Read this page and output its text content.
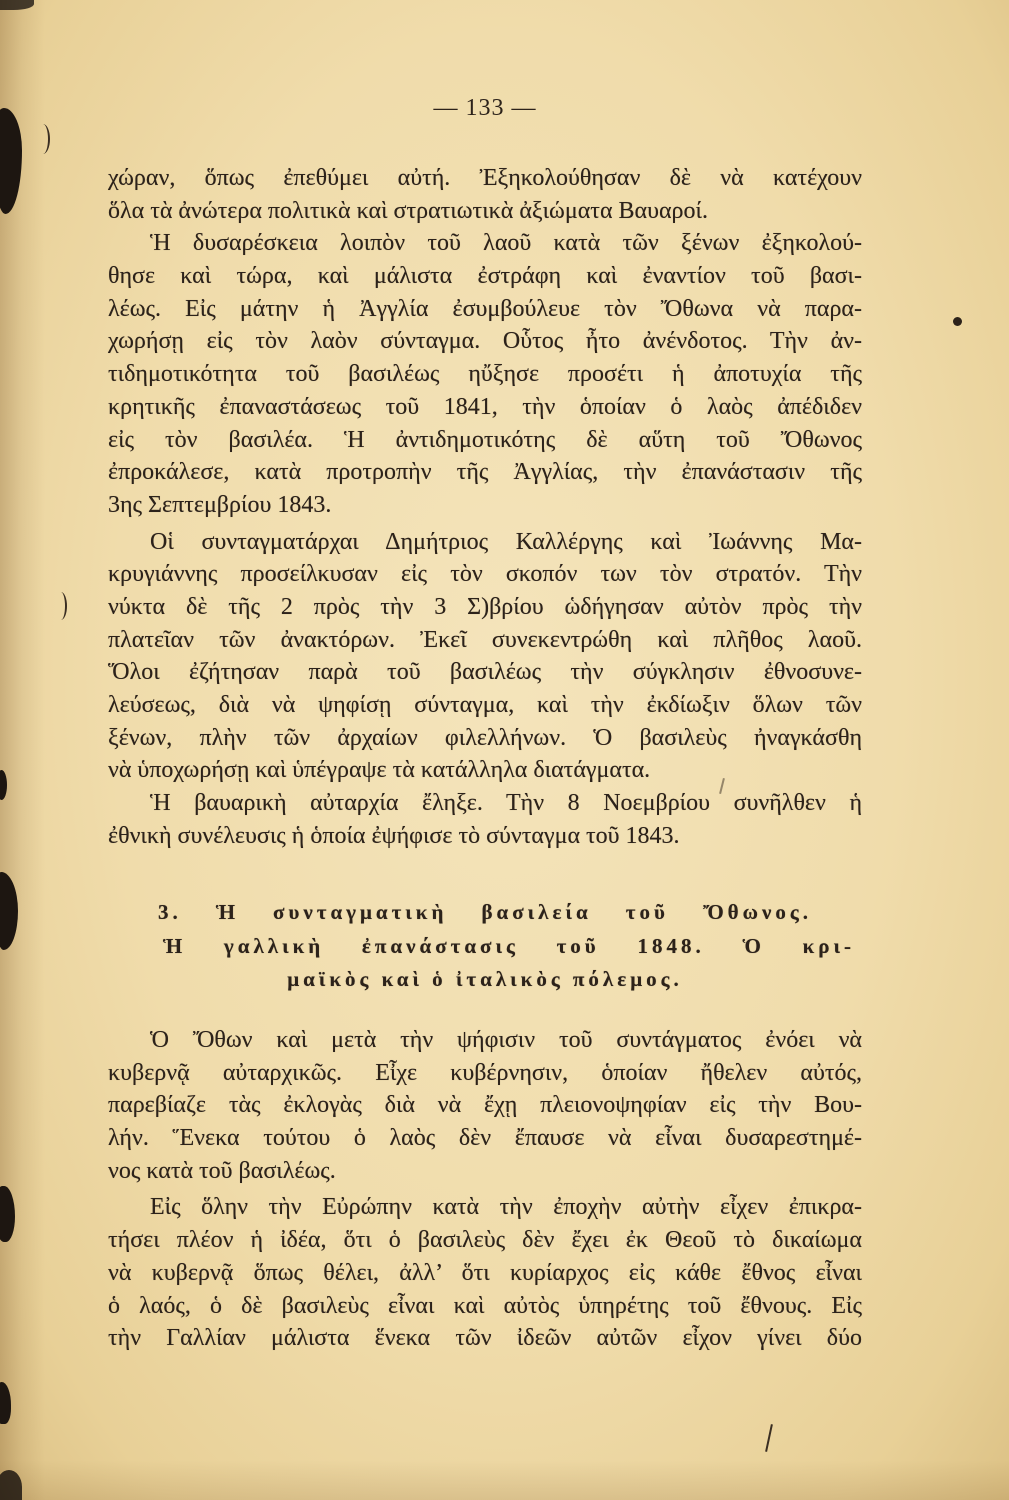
— 133 —
χώραν, ὅπως ἐπεθύμει αὐτή. Ἐξηκολούθησαν δὲ νὰ κατέχουν
ὅλα τὰ ἀνώτερα πολιτικὰ καὶ στρατιωτικὰ ἀξιώματα Βαυαροί.
Ἡ δυσαρέσκεια λοιπὸν τοῦ λαοῦ κατὰ τῶν ξένων ἐξηκολού-
θησε καὶ τώρα, καὶ μάλιστα ἐστράφη καὶ ἐναντίον τοῦ βασι-
λέως. Εἰς μάτην ἡ Ἀγγλία ἐσυμβούλευε τὸν Ὄθωνα νὰ παρα-
χωρήσῃ εἰς τὸν λαὸν σύνταγμα. Οὗτος ἦτο ἀνένδοτος. Τὴν ἀν-
τιδημοτικότητα τοῦ βασιλέως ηὔξησε προσέτι ἡ ἀποτυχία τῆς
κρητικῆς ἐπαναστάσεως τοῦ 1841, τὴν ὁποίαν ὁ λαὸς ἀπέδιδεν
εἰς τὸν βασιλέα. Ἡ ἀντιδημοτικότης δὲ αὕτη τοῦ Ὄθωνος
ἐπροκάλεσε, κατὰ προτροπὴν τῆς Ἀγγλίας, τὴν ἐπανάστασιν τῆς
3ης Σεπτεμβρίου 1843.
Οἱ συνταγματάρχαι Δημήτριος Καλλέργης καὶ Ἰωάννης Μα-
κρυγιάννης προσείλκυσαν εἰς τὸν σκοπόν των τὸν στρατόν. Τὴν
νύκτα δὲ τῆς 2 πρὸς τὴν 3 Σ)βρίου ὡδήγησαν αὐτὸν πρὸς τὴν
πλατεῖαν τῶν ἀνακτόρων. Ἐκεῖ συνεκεντρώθη καὶ πλῆθος λαοῦ.
Ὅλοι ἐζήτησαν παρὰ τοῦ βασιλέως τὴν σύγκλησιν ἐθνοσυνε-
λεύσεως, διὰ νὰ ψηφίσῃ σύνταγμα, καὶ τὴν ἐκδίωξιν ὅλων τῶν
ξένων, πλὴν τῶν ἀρχαίων φιλελλήνων. Ὁ βασιλεὺς ἠναγκάσθη
νὰ ὑποχωρήσῃ καὶ ὑπέγραψε τὰ κατάλληλα διατάγματα.
Ἡ βαυαρικὴ αὐταρχία ἔληξε. Τὴν 8 Νοεμβρίου συνῆλθεν ἡ
ἐθνικὴ συνέλευσις ἡ ὁποία ἐψήφισε τὸ σύνταγμα τοῦ 1843.
3. Ἡ συνταγματικὴ βασιλεία τοῦ Ὄθωνος.
Ἡ γαλλικὴ ἐπανάστασις τοῦ 1848. Ὁ κρι-
μαϊκὸς καὶ ὁ ἰταλικὸς πόλεμος.
Ὁ Ὄθων καὶ μετὰ τὴν ψήφισιν τοῦ συντάγματος ἐνόει νὰ
κυβερνᾷ αὐταρχικῶς. Εἶχε κυβέρνησιν, ὁποίαν ἤθελεν αὐτός,
παρεβίαζε τὰς ἐκλογὰς διὰ νὰ ἔχῃ πλειονοψηφίαν εἰς τὴν Βου-
λήν. Ἕνεκα τούτου ὁ λαὸς δὲν ἔπαυσε νὰ εἶναι δυσαρεστημέ-
νος κατὰ τοῦ βασιλέως.
Εἰς ὅλην τὴν Εὐρώπην κατὰ τὴν ἐποχὴν αὐτὴν εἶχεν ἐπικρα-
τήσει πλέον ἡ ἰδέα, ὅτι ὁ βασιλεὺς δὲν ἔχει ἐκ Θεοῦ τὸ δικαίωμα
νὰ κυβερνᾷ ὅπως θέλει, ἀλλ’ ὅτι κυρίαρχος εἰς κάθε ἔθνος εἶναι
ὁ λαός, ὁ δὲ βασιλεὺς εἶναι καὶ αὐτὸς ὑπηρέτης τοῦ ἔθνους. Εἰς
τὴν Γαλλίαν μάλιστα ἕνεκα τῶν ἰδεῶν αὐτῶν εἶχον γίνει δύο
